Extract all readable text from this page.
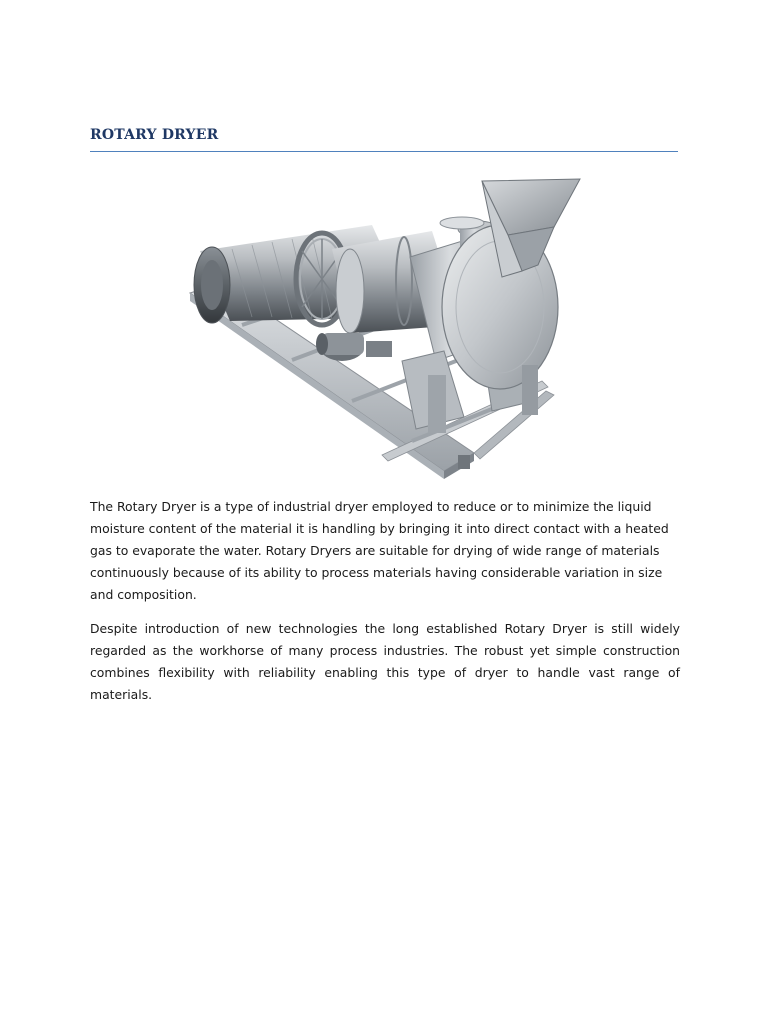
ROTARY DRYER

The Rotary Dryer is a type of industrial dryer employed to reduce or to minimize the liquid moisture content of the material it is handling by bringing it into direct contact with a heated gas to evaporate the water. Rotary Dryers are suitable for drying of wide range of materials continuously because of its ability to process materials having considerable variation in size and composition.

Despite introduction of new technologies the long established Rotary Dryer is still widely regarded as the workhorse of many process industries. The robust yet simple construction combines flexibility with reliability enabling this type of dryer to handle vast range of materials.
